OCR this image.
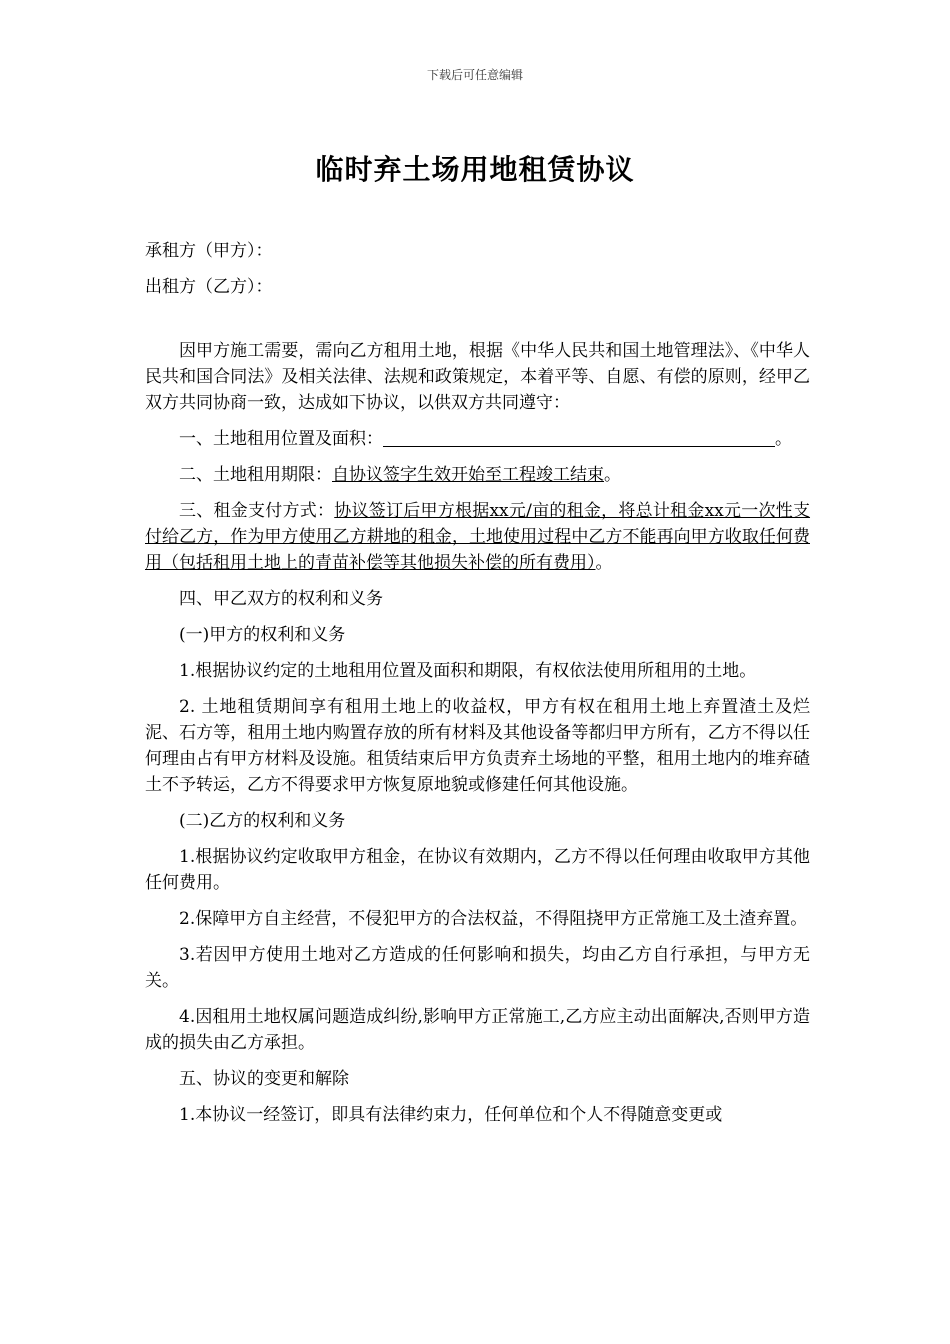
下载后可任意编辑
临时弃土场用地租赁协议
承租方（甲方）：
出租方（乙方）：

因甲方施工需要，需向乙方租用土地，根据《中华人民共和国土地管理法》、《中华人民共和国合同法》及相关法律、法规和政策规定，本着平等、自愿、有偿的原则，经甲乙双方共同协商一致，达成如下协议，以供双方共同遵守：

一、土地租用位置及面积：	。

二、土地租用期限：自协议签字生效开始至工程竣工结束。

三、租金支付方式：协议签订后甲方根据xx元/亩的租金，将总计租金xx元一次性支付给乙方，作为甲方使用乙方耕地的租金，土地使用过程中乙方不能再向甲方收取任何费用（包括租用土地上的青苗补偿等其他损失补偿的所有费用）。

四、甲乙双方的权利和义务

(一)甲方的权利和义务

1.根据协议约定的土地租用位置及面积和期限，有权依法使用所租用的土地。

2. 土地租赁期间享有租用土地上的收益权，甲方有权在租用土地上弃置渣土及烂泥、石方等，租用土地内购置存放的所有材料及其他设备等都归甲方所有，乙方不得以任何理由占有甲方材料及设施。租赁结束后甲方负责弃土场地的平整，租用土地内的堆弃碴土不予转运，乙方不得要求甲方恢复原地貌或修建任何其他设施。

(二)乙方的权利和义务

1.根据协议约定收取甲方租金，在协议有效期内，乙方不得以任何理由收取甲方其他任何费用。

2.保障甲方自主经营，不侵犯甲方的合法权益，不得阻挠甲方正常施工及土渣弃置。

3.若因甲方使用土地对乙方造成的任何影响和损失，均由乙方自行承担，与甲方无关。

4.因租用土地权属问题造成纠纷,影响甲方正常施工,乙方应主动出面解决,否则甲方造成的损失由乙方承担。

五、协议的变更和解除

1.本协议一经签订，即具有法律约束力，任何单位和个人不得随意变更或
